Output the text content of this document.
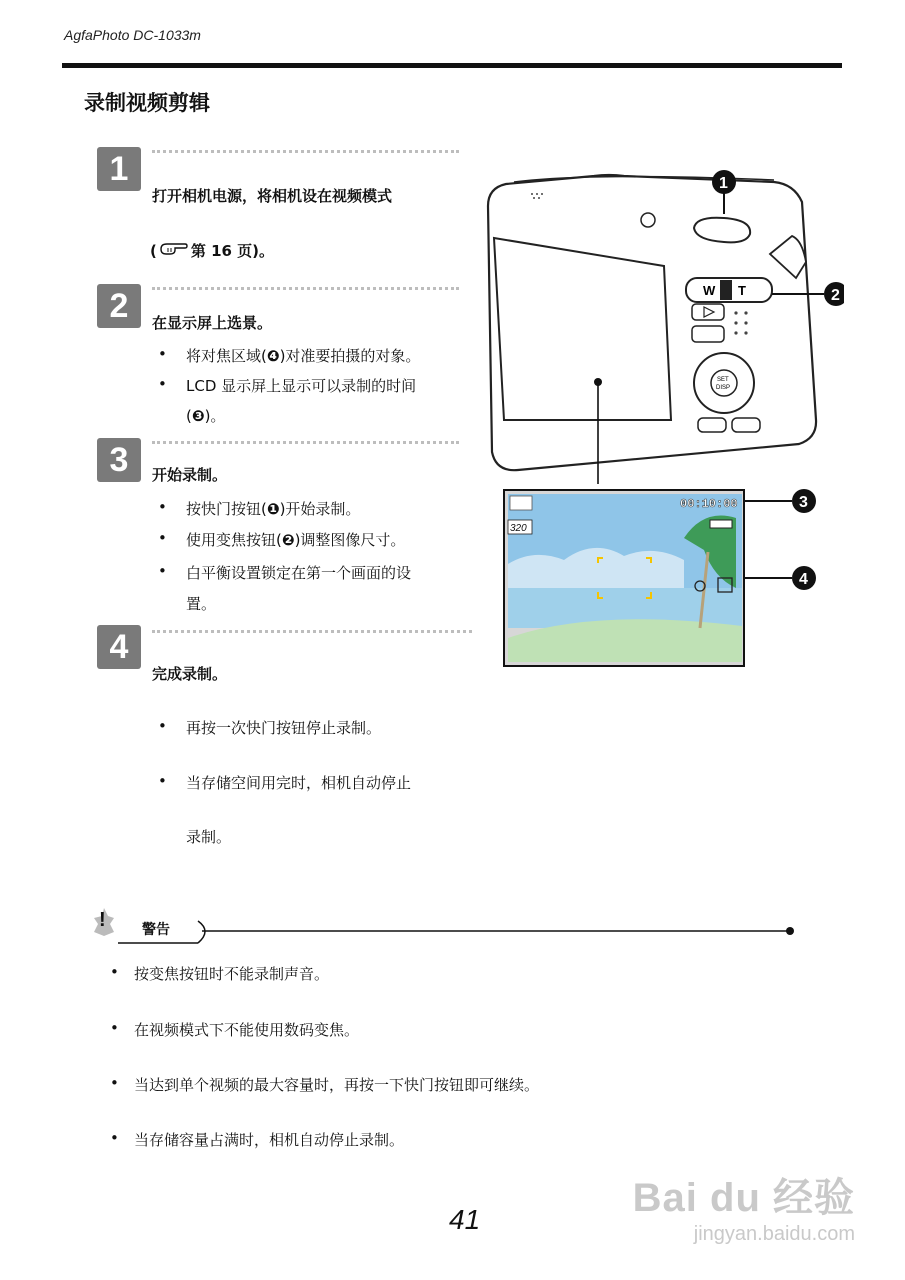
AgfaPhoto DC-1033m
录制视频剪辑
1
打开相机电源，将相机设在视频模式
( 第 16 页)。
2	在显示屏上选景。
• 将对焦区域(❹)对准要拍摄的对象。
• LCD 显示屏上显示可以录制的时间
(❸)。
3	开始录制。
• 按快门按钮(❶)开始录制。
• 使用变焦按钮(❷)调整图像尺寸。
• 白平衡设置锁定在第一个画面的设
置。
4
完成录制。
• 再按一次快门按钮停止录制。
• 当存储空间用完时，相机自动停止
录制。
W T
SET
DISP
320
00:10:00
1
2
3
4
!	警告
• 按变焦按钮时不能录制声音。
• 在视频模式下不能使用数码变焦。
• 当达到单个视频的最大容量时，再按一下快门按钮即可继续。
• 当存储容量占满时，相机自动停止录制。
41	Bai du 经验
jingyan.baidu.com
